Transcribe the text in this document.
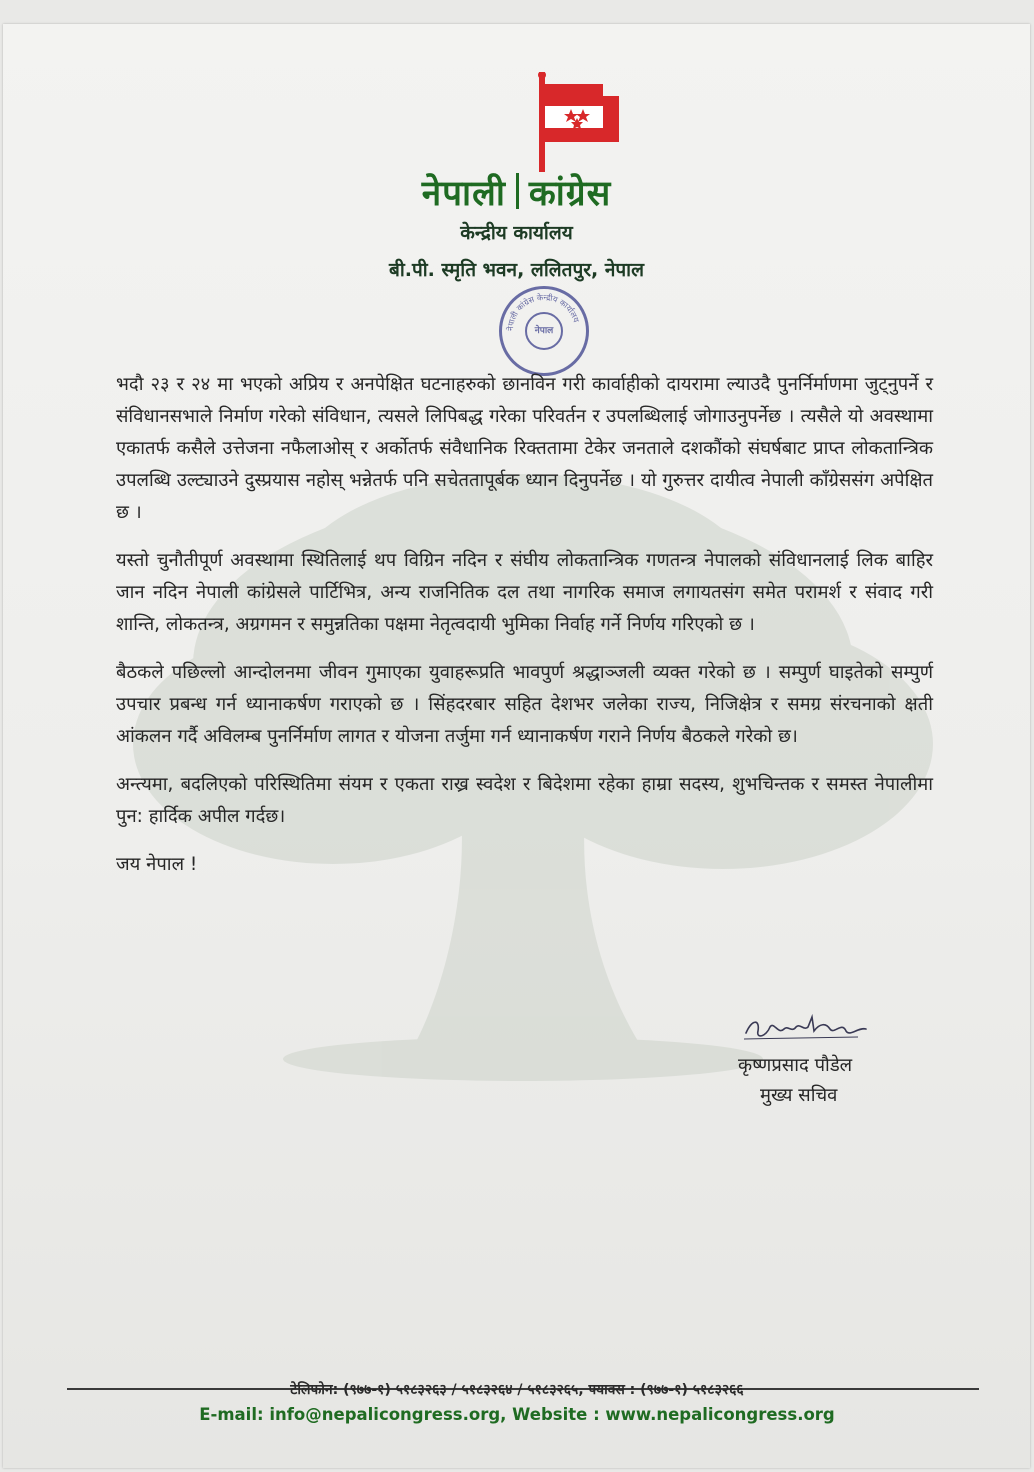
नेपाली कांग्रेस
केन्द्रीय कार्यालय
बी.पी. स्मृति भवन, ललितपुर, नेपाल
नेपाली कांग्रेस केन्द्रीय कार्यालय
नेपाल

भदौ २३ र २४ मा भएको अप्रिय र अनपेक्षित घटनाहरुको छानविन गरी कार्वाहीको दायरामा ल्याउदै पुनर्निर्माणमा जुट्नुपर्ने र संविधानसभाले निर्माण गरेको संविधान, त्यसले लिपिबद्ध गरेका परिवर्तन र उपलब्धिलाई जोगाउनुपर्नेछ । त्यसैले यो अवस्थामा एकातर्फ कसैले उत्तेजना नफैलाओस् र अर्कोतर्फ संवैधानिक रिक्ततामा टेकेर जनताले दशकौंको संघर्षबाट प्राप्त लोकतान्त्रिक उपलब्धि उल्ट्याउने दुस्प्रयास नहोस् भन्नेतर्फ पनि सचेततापूर्बक ध्यान दिनुपर्नेछ । यो गुरुत्तर दायीत्व नेपाली काँग्रेससंग अपेक्षित छ ।

यस्तो चुनौतीपूर्ण अवस्थामा स्थितिलाई थप विग्रिन नदिन र संघीय लोकतान्त्रिक गणतन्त्र नेपालको संविधानलाई लिक बाहिर जान नदिन नेपाली कांग्रेसले पार्टिभित्र, अन्य राजनितिक दल तथा नागरिक समाज लगायतसंग समेत परामर्श र संवाद गरी शान्ति, लोकतन्त्र, अग्रगमन र समुन्नतिका पक्षमा नेतृत्वदायी भुमिका निर्वाह गर्ने निर्णय गरिएको छ ।

बैठकले पछिल्लो आन्दोलनमा जीवन गुमाएका युवाहरूप्रति भावपुर्ण श्रद्धाञ्जली व्यक्त गरेको छ । सम्पुर्ण घाइतेको सम्पुर्ण उपचार प्रबन्ध गर्न ध्यानाकर्षण गराएको छ । सिंहदरबार सहित देशभर जलेका राज्य, निजिक्षेत्र र समग्र संरचनाको क्षती आंकलन गर्दै अविलम्ब पुनर्निर्माण लागत र योजना तर्जुमा गर्न ध्यानाकर्षण गराने निर्णय बैठकले गरेको छ।

अन्त्यमा, बदलिएको परिस्थितिमा संयम र एकता राख्र स्वदेश र बिदेशमा रहेका हाम्रा सदस्य, शुभचिन्तक र समस्त नेपालीमा पुन: हार्दिक अपील गर्दछ।

जय नेपाल !

कृष्णप्रसाद पौडेल
मुख्य सचिव
टेलिफोन: (९७७-१) ५१८३२६३ / ५१८३२६४ / ५१८३२६५, फ्याक्स : (९७७-१) ५१८३२६६
E-mail: info@nepalicongress.org, Website : www.nepalicongress.org
